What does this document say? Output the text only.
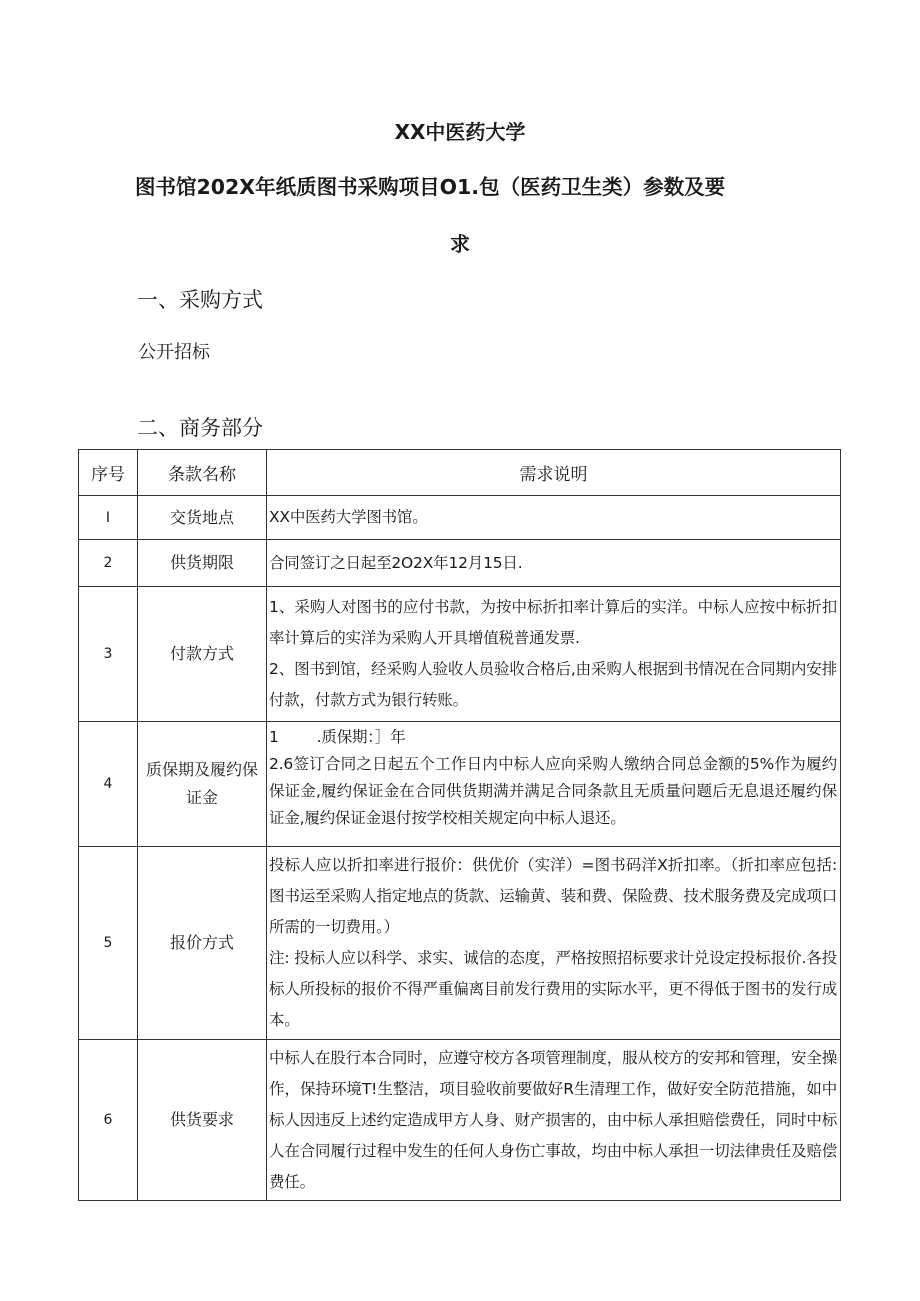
XX中医药大学
图书馆202X年纸质图书采购项目O1.包（医药卫生类）参数及要
求
一、采购方式
公开招标
二、商务部分
序号	条款名称	需求说明
I	交货地点	XX中医药大学图书馆。

2	供货期限	合同签订之日起至2O2X年12月15日.

3	付款方式	1、采购人对图书的应付书款，为按中标折扣率计算后的实洋。中标人应按中标折扣率计算后的实洋为采购人开具增值税普通发票.

2、图书到馆，经采购人验收人员验收合格后,由采购人根据到书情况在合同期内安排付款，付款方式为银行转账。

4	质保期及履约保证金	1 .质保期：］年

2.6签订合同之日起五个工作日内中标人应向采购人缴纳合同总金额的5%作为履约保证金,履约保证金在合同供货期满并满足合同条款且无质量问题后无息退还履约保证金,履约保证金退付按学校相关规定向中标人退还。

5	报价方式	投标人应以折扣率进行报价：供优价（实洋）=图书码洋X折扣率。（折扣率应包括: 图书运至采购人指定地点的货款、运输黄、装和费、保险费、技术服务费及完成项口所需的一切费用。）

注: 投标人应以科学、求实、诚信的态度，严格按照招标要求计兑设定投标报价.各投标人所投标的报价不得严重偏离目前发行费用的实际水平，更不得低于图书的发行成本。

6	供货要求	中标人在股行本合同时，应遵守校方各项管理制度，服从校方的安邦和管理，安全操作，保持环境T!生整洁，项目验收前要做好R生清理工作，做好安全防范措施，如中标人因违反上述约定造成甲方人身、财产损害的，由中标人承担赔偿费任，同时中标人在合同履行过程中发生的任何人身伤亡事故，均由中标人承担一切法律贵任及赔偿费任。
